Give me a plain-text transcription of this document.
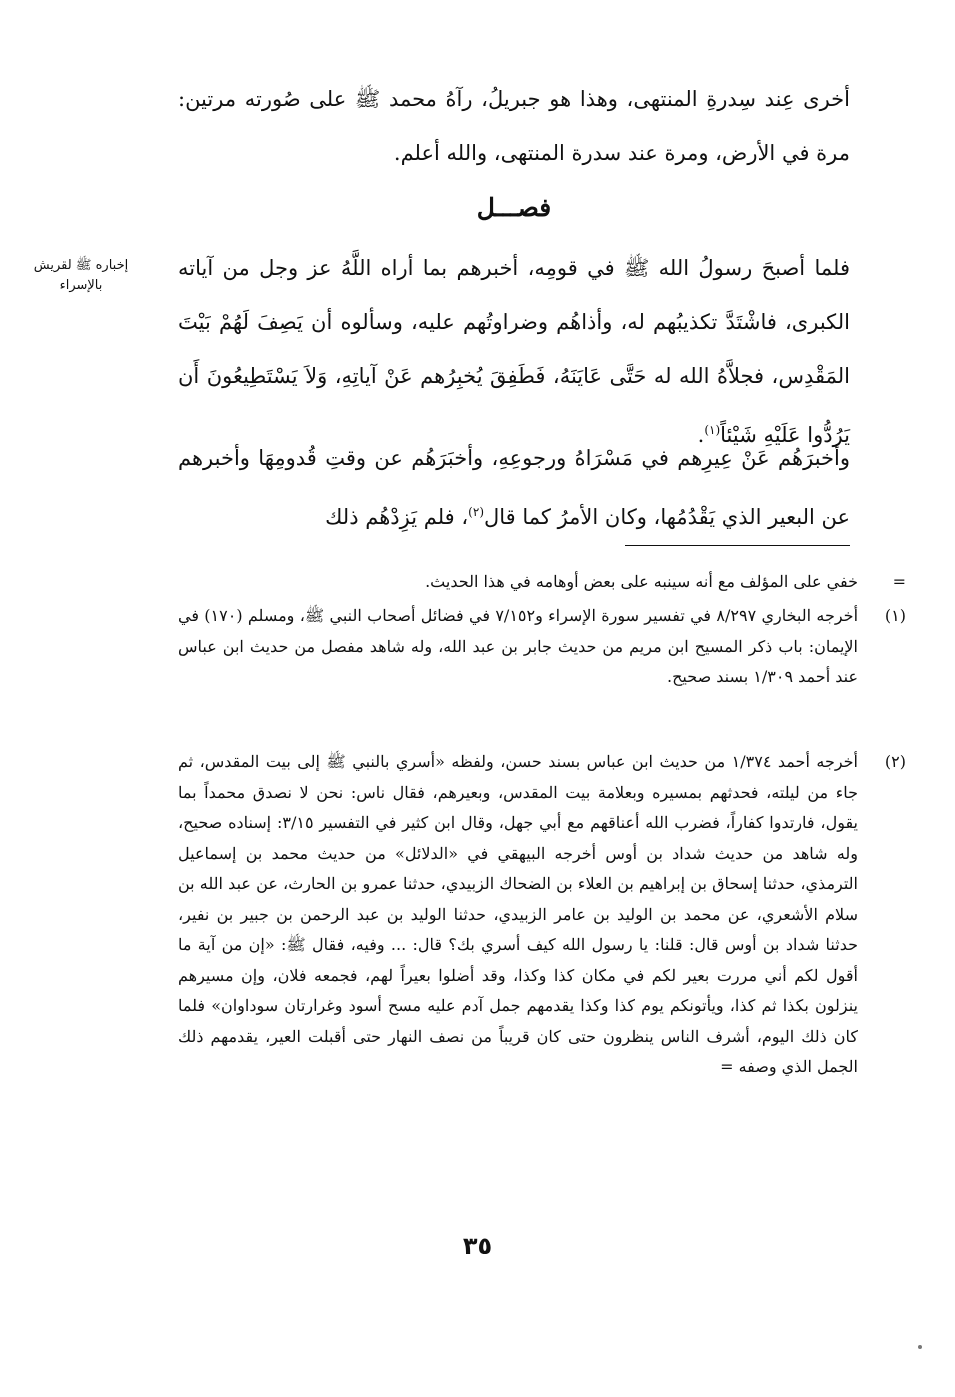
أخرى عِند سِدرةِ المنتهى، وهذا هو جبريلُ، رآهُ محمد ﷺ على صُورته مرتين: مرة في الأرض، ومرة عند سدرة المنتهى، والله أعلم.

فصـــل
إخباره ﷺ لقريش بالإسراء

فلما أصبحَ رسولُ الله ﷺ في قومِه، أخبرهم بما أراه اللَّهُ عز وجل من آياته الكبرى، فاشْتَدَّ تكذيبُهم له، وأذاهُم وضراوتُهم عليه، وسألوه أن يَصِفَ لَهُمْ بَيْتَ المَقْدِس، فجلاَّهُ الله له حَتَّى عَايَنَهُ، فَطَفِقَ يُخبِرُهم عَنْ آياتِهِ، وَلاَ يَسْتَطِيعُونَ أَن يَرُدُّوا عَلَيْهِ شَيْئاً$^{(١)}$.

وأخبرَهُم عَنْ عِيرِهم في مَسْرَاهُ ورجوعِهِ، وأخبَرَهُم عن وقتِ قُدومِهَا وأخبرهم عن البعير الذي يَقْدُمُها، وكان الأمرُ كما قال$^{(٢)}$، فلم يَزِدْهُم ذلك

=
خفي على المؤلف مع أنه سينبه على بعض أوهامه في هذا الحديث.
(١)
أخرجه البخاري ٨/٢٩٧ في تفسير سورة الإسراء و٧/١٥٢ في فضائل أصحاب النبي ﷺ، ومسلم (١٧٠) في الإيمان: باب ذكر المسيح ابن مريم من حديث جابر بن عبد الله، وله شاهد مفصل من حديث ابن عباس عند أحمد ١/٣٠٩ بسند صحيح.
(٢)
أخرجه أحمد ١/٣٧٤ من حديث ابن عباس بسند حسن، ولفظه «أسري بالنبي ﷺ إلى بيت المقدس، ثم جاء من ليلته، فحدثهم بمسيره وبعلامة بيت المقدس، وبعيرهم، فقال ناس: نحن لا نصدق محمداً بما يقول، فارتدوا كفاراً، فضرب الله أعناقهم مع أبي جهل، وقال ابن كثير في التفسير ٣/١٥: إسناده صحيح، وله شاهد من حديث شداد بن أوس أخرجه البيهقي في «الدلائل» من حديث محمد بن إسماعيل الترمذي، حدثنا إسحاق بن إبراهيم بن العلاء بن الضحاك الزبيدي، حدثنا عمرو بن الحارث، عن عبد الله بن سلام الأشعري، عن محمد بن الوليد بن عامر الزبيدي، حدثنا الوليد بن عبد الرحمن بن جبير بن نفير، حدثنا شداد بن أوس قال: قلنا: يا رسول الله كيف أسري بك؟ قال: ... وفيه، فقال ﷺ: «إن من آية ما أقول لكم أني مررت بعير لكم في مكان كذا وكذا، وقد أضلوا بعيراً لهم، فجمعه فلان، وإن مسيرهم ينزلون بكذا ثم كذا، ويأتونكم يوم كذا وكذا يقدمهم جمل آدم عليه مسح أسود وغرارتان سوداوان» فلما كان ذلك اليوم، أشرف الناس ينظرون حتى كان قريباً من نصف النهار حتى أقبلت العير، يقدمهم ذلك الجمل الذي وصفه =
٣٥
